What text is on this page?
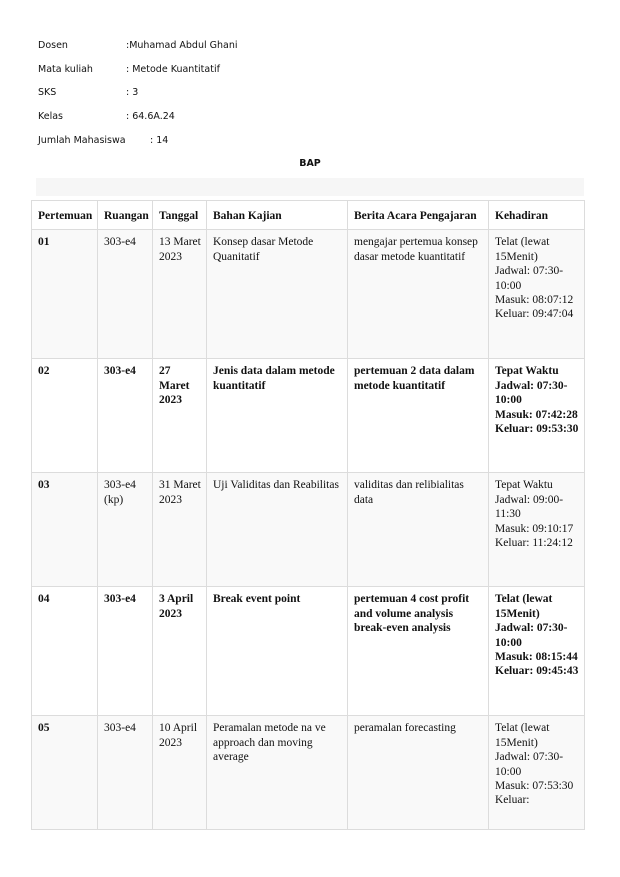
Dosen	:Muhamad Abdul Ghani
Mata kuliah	: Metode Kuantitatif
SKS	: 3
Kelas	: 64.6A.24
Jumlah Mahasiswa	: 14
BAP
Pertemuan	Ruangan	Tanggal	Bahan Kajian	Berita Acara Pengajaran	Kehadiran
01	303-e4	13 Maret 2023	Konsep dasar Metode Quanitatif	mengajar pertemua konsep dasar metode kuantitatif	Telat (lewat 15Menit)
Jadwal: 07:30-10:00
Masuk: 08:07:12
Keluar: 09:47:04
02	303-e4	27 Maret 2023	Jenis data dalam metode kuantitatif	pertemuan 2 data dalam metode kuantitatif	Tepat Waktu
Jadwal: 07:30-10:00
Masuk: 07:42:28
Keluar: 09:53:30
03	303-e4 (kp)	31 Maret 2023	Uji Validitas dan Reabilitas	validitas dan relibialitas data	Tepat Waktu
Jadwal: 09:00-11:30
Masuk: 09:10:17
Keluar: 11:24:12
04	303-e4	3 April 2023	Break event point	pertemuan 4 cost profit and volume analysis break-even analysis	Telat (lewat 15Menit)
Jadwal: 07:30-10:00
Masuk: 08:15:44
Keluar: 09:45:43
05	303-e4	10 April 2023	Peramalan metode na ve approach dan moving average	peramalan forecasting	Telat (lewat 15Menit)
Jadwal: 07:30-10:00
Masuk: 07:53:30
Keluar:
